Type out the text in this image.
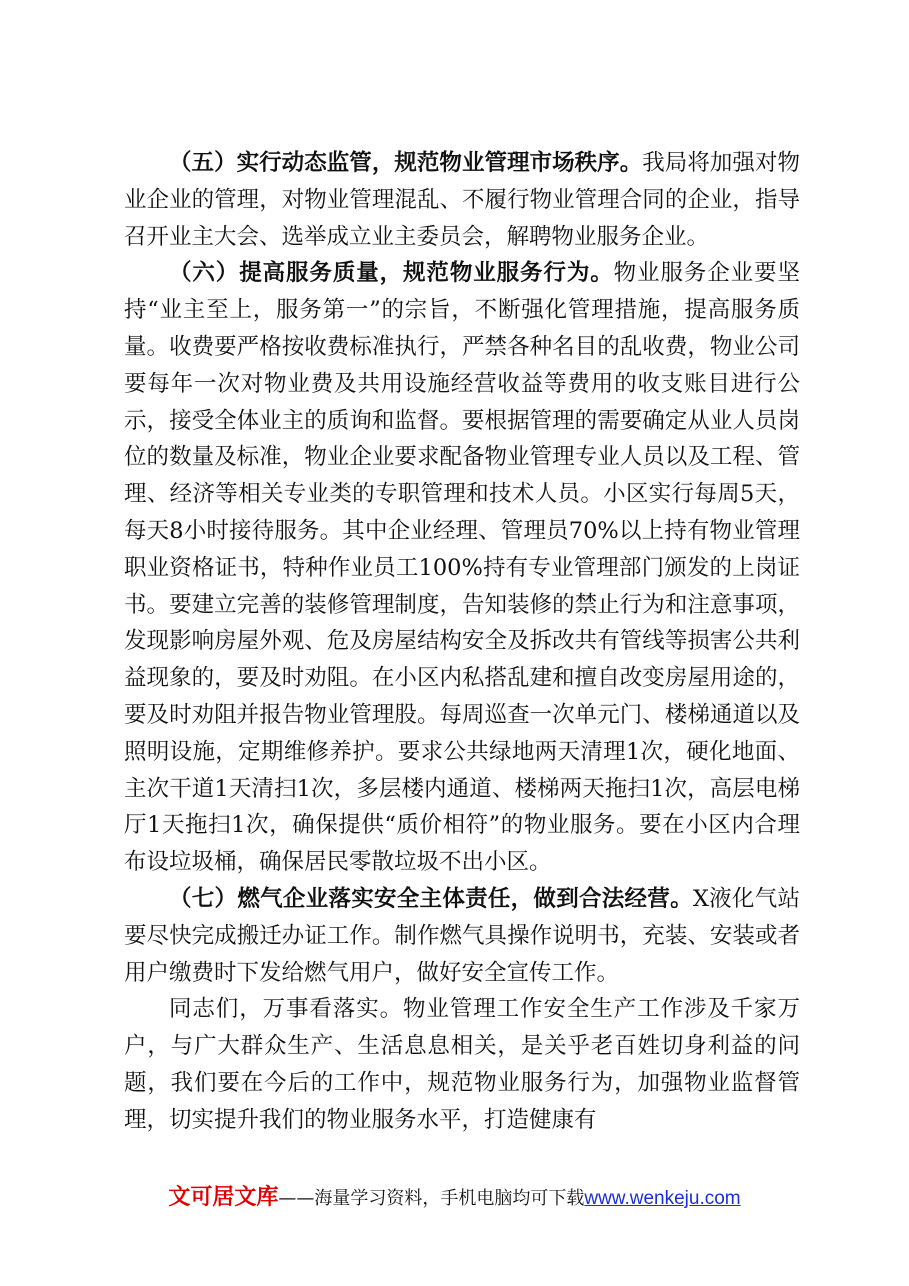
（五）实行动态监管，规范物业管理市场秩序。我局将加强对物业企业的管理，对物业管理混乱、不履行物业管理合同的企业，指导召开业主大会、选举成立业主委员会，解聘物业服务企业。

（六）提高服务质量，规范物业服务行为。物业服务企业要坚持“业主至上，服务第一”的宗旨，不断强化管理措施，提高服务质量。收费要严格按收费标准执行，严禁各种名目的乱收费，物业公司要每年一次对物业费及共用设施经营收益等费用的收支账目进行公示，接受全体业主的质询和监督。要根据管理的需要确定从业人员岗位的数量及标准，物业企业要求配备物业管理专业人员以及工程、管理、经济等相关专业类的专职管理和技术人员。小区实行每周5天，每天8小时接待服务。其中企业经理、管理员70%以上持有物业管理职业资格证书，特种作业员工100%持有专业管理部门颁发的上岗证书。要建立完善的装修管理制度，告知装修的禁止行为和注意事项，发现影响房屋外观、危及房屋结构安全及拆改共有管线等损害公共利益现象的，要及时劝阻。在小区内私搭乱建和擅自改变房屋用途的，要及时劝阻并报告物业管理股。每周巡查一次单元门、楼梯通道以及照明设施，定期维修养护。要求公共绿地两天清理1次，硬化地面、主次干道1天清扫1次，多层楼内通道、楼梯两天拖扫1次，高层电梯厅1天拖扫1次，确保提供“质价相符”的物业服务。要在小区内合理布设垃圾桶，确保居民零散垃圾不出小区。

（七）燃气企业落实安全主体责任，做到合法经营。X液化气站要尽快完成搬迁办证工作。制作燃气具操作说明书，充装、安装或者用户缴费时下发给燃气用户，做好安全宣传工作。

同志们，万事看落实。物业管理工作安全生产工作涉及千家万户，与广大群众生产、生活息息相关，是关乎老百姓切身利益的问题，我们要在今后的工作中，规范物业服务行为，加强物业监督管理，切实提升我们的物业服务水平，打造健康有

文可居文库——海量学习资料，手机电脑均可下载www.wenkeju.com
